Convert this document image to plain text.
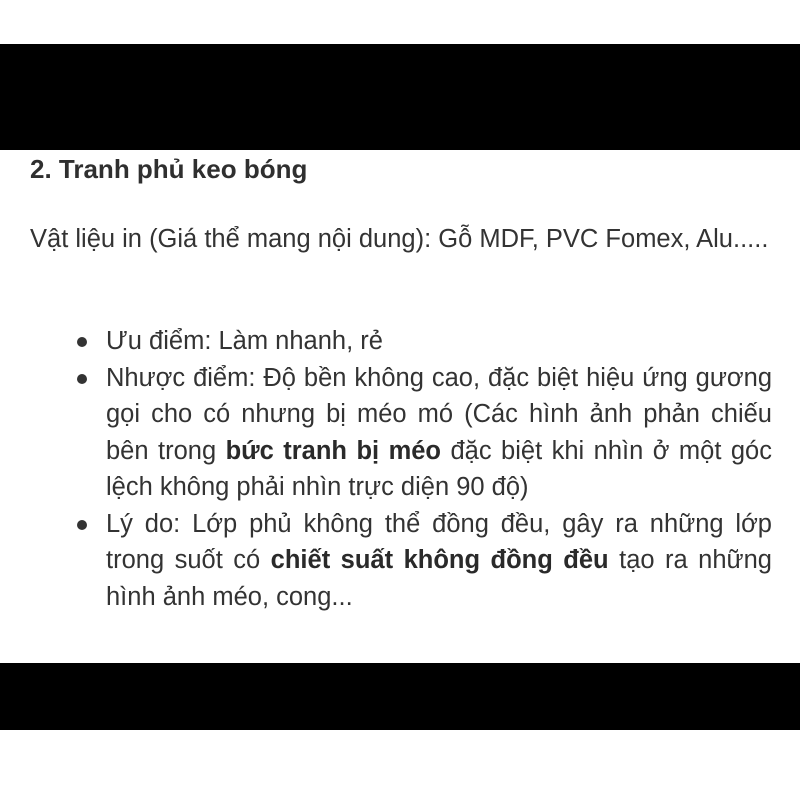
2. Tranh phủ keo bóng

Vật liệu in (Giá thể mang nội dung): Gỗ MDF, PVC Fomex, Alu.....

Ưu điểm: Làm nhanh, rẻ
Nhược điểm: Độ bền không cao, đặc biệt hiệu ứng gương gọi cho có nhưng bị méo mó (Các hình ảnh phản chiếu bên trong bức tranh bị méo đặc biệt khi nhìn ở một góc lệch không phải nhìn trực diện 90 độ)
Lý do: Lớp phủ không thể đồng đều, gây ra những lớp trong suốt có chiết suất không đồng đều tạo ra những hình ảnh méo, cong...
